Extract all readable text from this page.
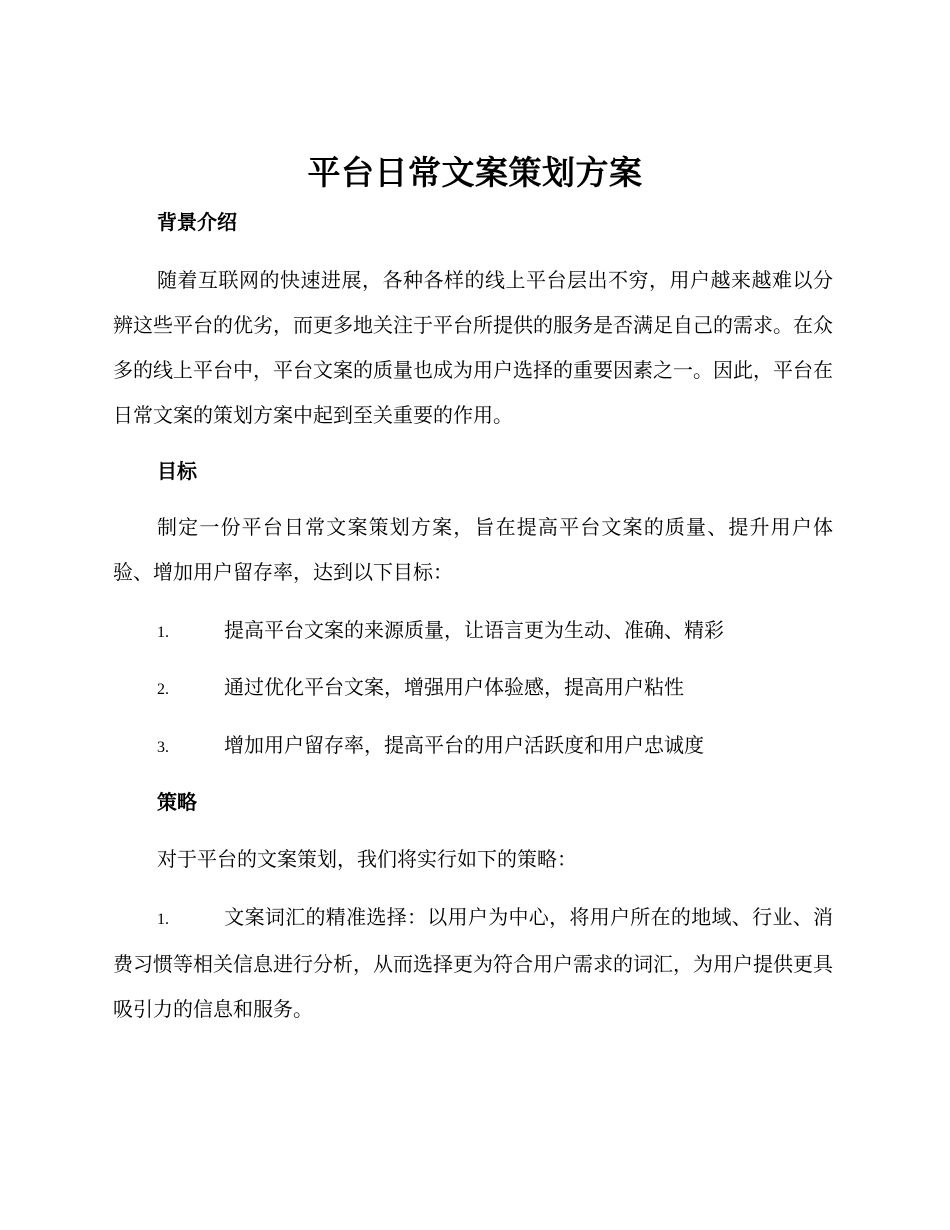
平台日常文案策划方案
背景介绍
随着互联网的快速进展，各种各样的线上平台层出不穷，用户越来越难以分辨这些平台的优劣，而更多地关注于平台所提供的服务是否满足自己的需求。在众多的线上平台中，平台文案的质量也成为用户选择的重要因素之一。因此，平台在日常文案的策划方案中起到至关重要的作用。
目标
制定一份平台日常文案策划方案，旨在提高平台文案的质量、提升用户体验、增加用户留存率，达到以下目标：
1.	提高平台文案的来源质量，让语言更为生动、准确、精彩
2.	通过优化平台文案，增强用户体验感，提高用户粘性
3.	增加用户留存率，提高平台的用户活跃度和用户忠诚度
策略
对于平台的文案策划，我们将实行如下的策略：
1.	文案词汇的精准选择：以用户为中心，将用户所在的地域、行业、消费习惯等相关信息进行分析，从而选择更为符合用户需求的词汇，为用户提供更具吸引力的信息和服务。
